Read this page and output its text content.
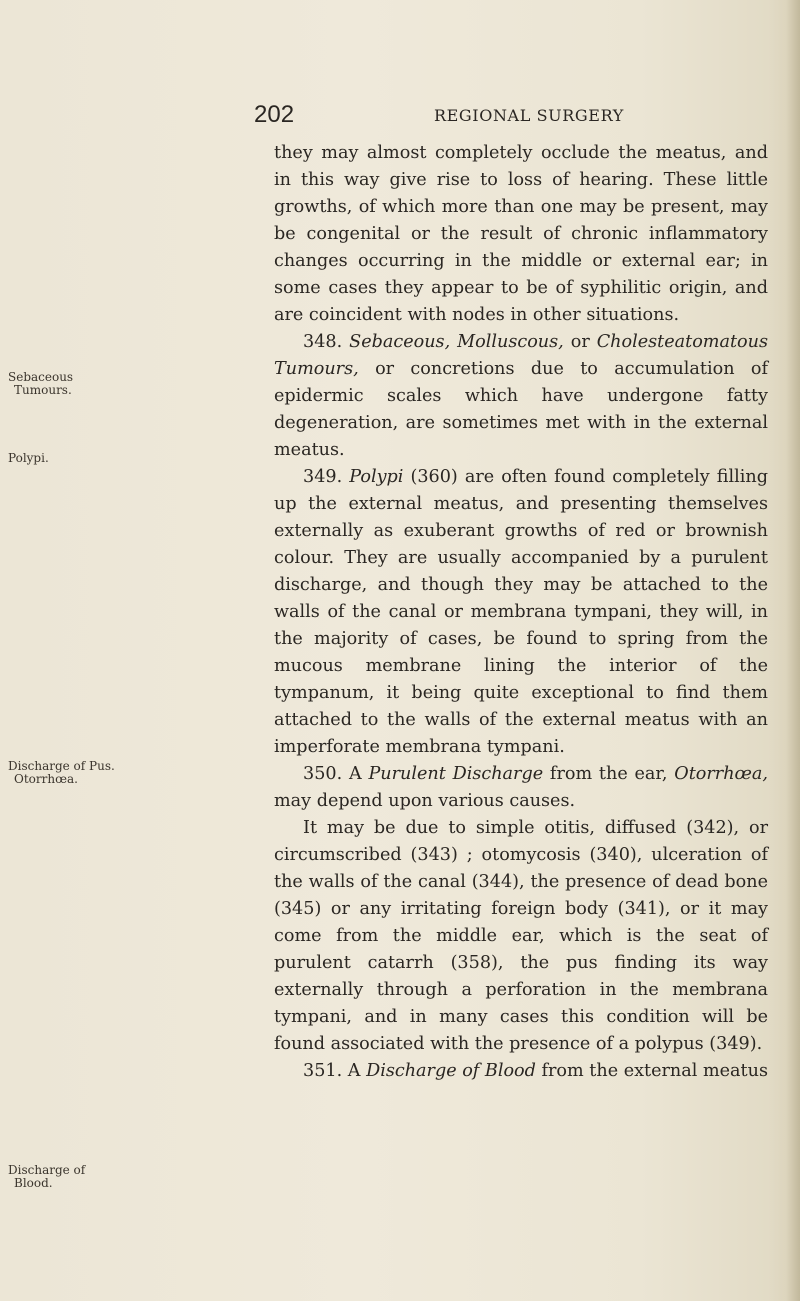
202	REGIONAL SURGERY
Sebaceous
Tumours.
Polypi.
Discharge of Pus.
Otorrhœa.
Discharge of
Blood.

they may almost completely occlude the meatus, and in this way give rise to loss of hearing. These little growths, of which more than one may be present, may be congenital or the result of chronic inflammatory changes occurring in the middle or external ear; in some cases they appear to be of syphilitic origin, and are coincident with nodes in other situations.

348. Sebaceous, Molluscous, or Cholesteatomatous Tumours, or concretions due to accumulation of epidermic scales which have undergone fatty degeneration, are sometimes met with in the external meatus.

349. Polypi (360) are often found completely filling up the external meatus, and presenting themselves externally as exuberant growths of red or brownish colour. They are usually accompanied by a purulent discharge, and though they may be attached to the walls of the canal or membrana tympani, they will, in the majority of cases, be found to spring from the mucous membrane lining the interior of the tympanum, it being quite exceptional to find them attached to the walls of the external meatus with an imperforate membrana tympani.

350. A Purulent Discharge from the ear, Otorrhœa, may depend upon various causes.

It may be due to simple otitis, diffused (342), or circumscribed (343) ; otomycosis (340), ulceration of the walls of the canal (344), the presence of dead bone (345) or any irritating foreign body (341), or it may come from the middle ear, which is the seat of purulent catarrh (358), the pus finding its way externally through a perforation in the membrana tympani, and in many cases this condition will be found associated with the presence of a polypus (349).

351. A Discharge of Blood from the external meatus
